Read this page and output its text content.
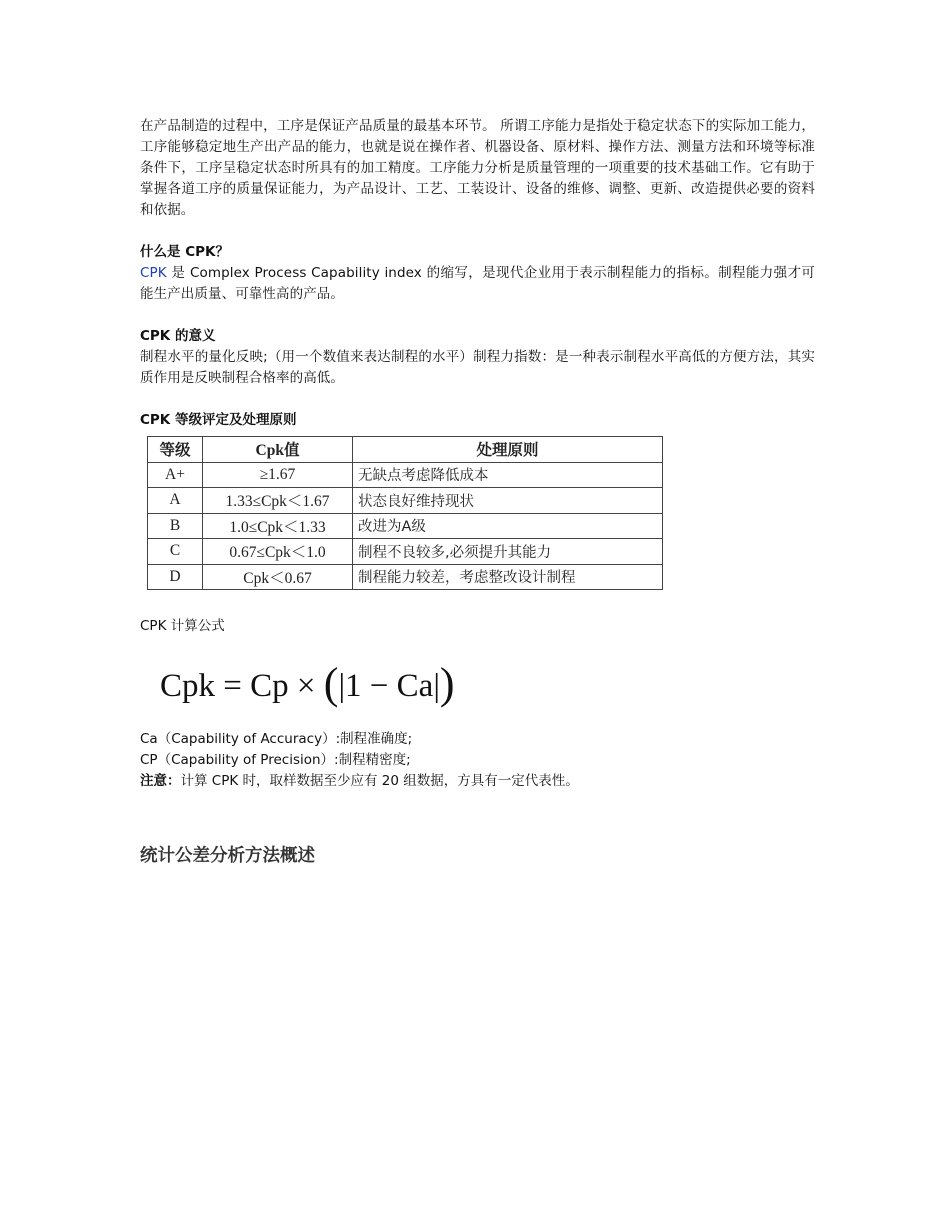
在产品制造的过程中，工序是保证产品质量的最基本环节。 所谓工序能力是指处于稳定状态下的实际加工能力，工序能够稳定地生产出产品的能力，也就是说在操作者、机器设备、原材料、操作方法、测量方法和环境等标准条件下，工序呈稳定状态时所具有的加工精度。工序能力分析是质量管理的一项重要的技术基础工作。它有助于掌握各道工序的质量保证能力，为产品设计、工艺、工装设计、设备的维修、调整、更新、改造提供必要的资料和依据。

什么是 CPK？

CPK 是 Complex Process Capability index 的缩写，是现代企业用于表示制程能力的指标。制程能力强才可能生产出质量、可靠性高的产品。

CPK 的意义

制程水平的量化反映;（用一个数值来表达制程的水平）制程力指数：是一种表示制程水平高低的方便方法，其实质作用是反映制程合格率的高低。

CPK 等级评定及处理原则

等级	Cpk值	处理原则
A+	≥1.67	无缺点考虑降低成本
A	1.33≤Cpk＜1.67	状态良好维持现状
B	1.0≤Cpk＜1.33	改进为A级
C	0.67≤Cpk＜1.0	制程不良较多,必须提升其能力
D	Cpk＜0.67	制程能力较差，考虑整改设计制程

CPK 计算公式

Cpk = Cp × (|1 − Ca|)

Ca（Capability of Accuracy）:制程准确度;

CP（Capability of Precision）:制程精密度;

注意：计算 CPK 时，取样数据至少应有 20 组数据，方具有一定代表性。

统计公差分析方法概述
